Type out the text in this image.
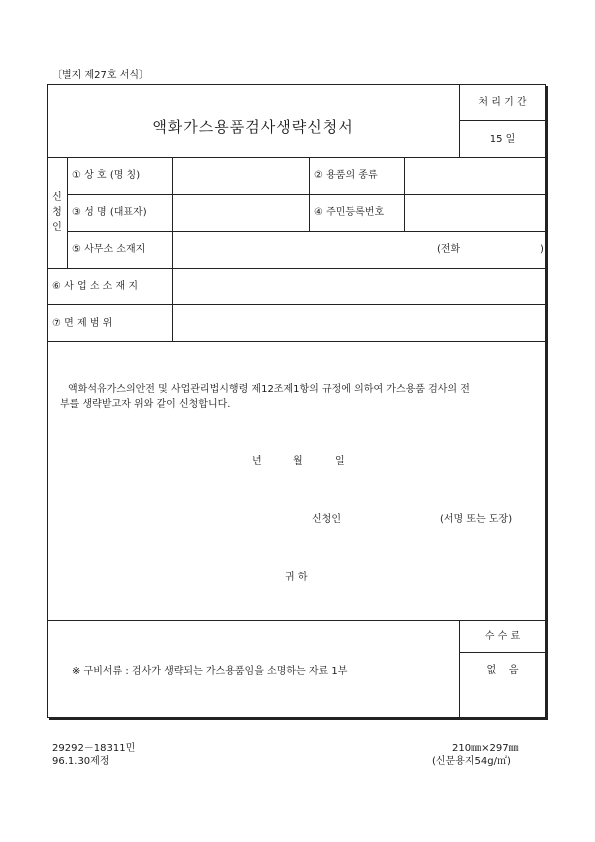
〔별지 제27호 서식〕
액화가스용품검사생략신청서
처 리 기 간
15 일
신
청
인
① 상 호 (명 칭)	② 용품의 종류
③ 성 명 (대표자)	④ 주민등록번호
⑤ 사무소 소재지	(전화	)
⑥ 사 업 소 소 재 지
⑦ 면 제 범 위
액화석유가스의안전 및 사업관리법시행령 제12조제1항의 규정에 의하여 가스용품 검사의 전
부를 생략받고자 위와 같이 신청합니다.
년	월	일
신청인	(서명 또는 도장)
귀 하
수 수 료
없    음
※ 구비서류 : 검사가 생략되는 가스용품임을 소명하는 자료 1부
29292－18311민
96.1.30제정
210㎜×297㎜
(신문용지54g/㎡)
